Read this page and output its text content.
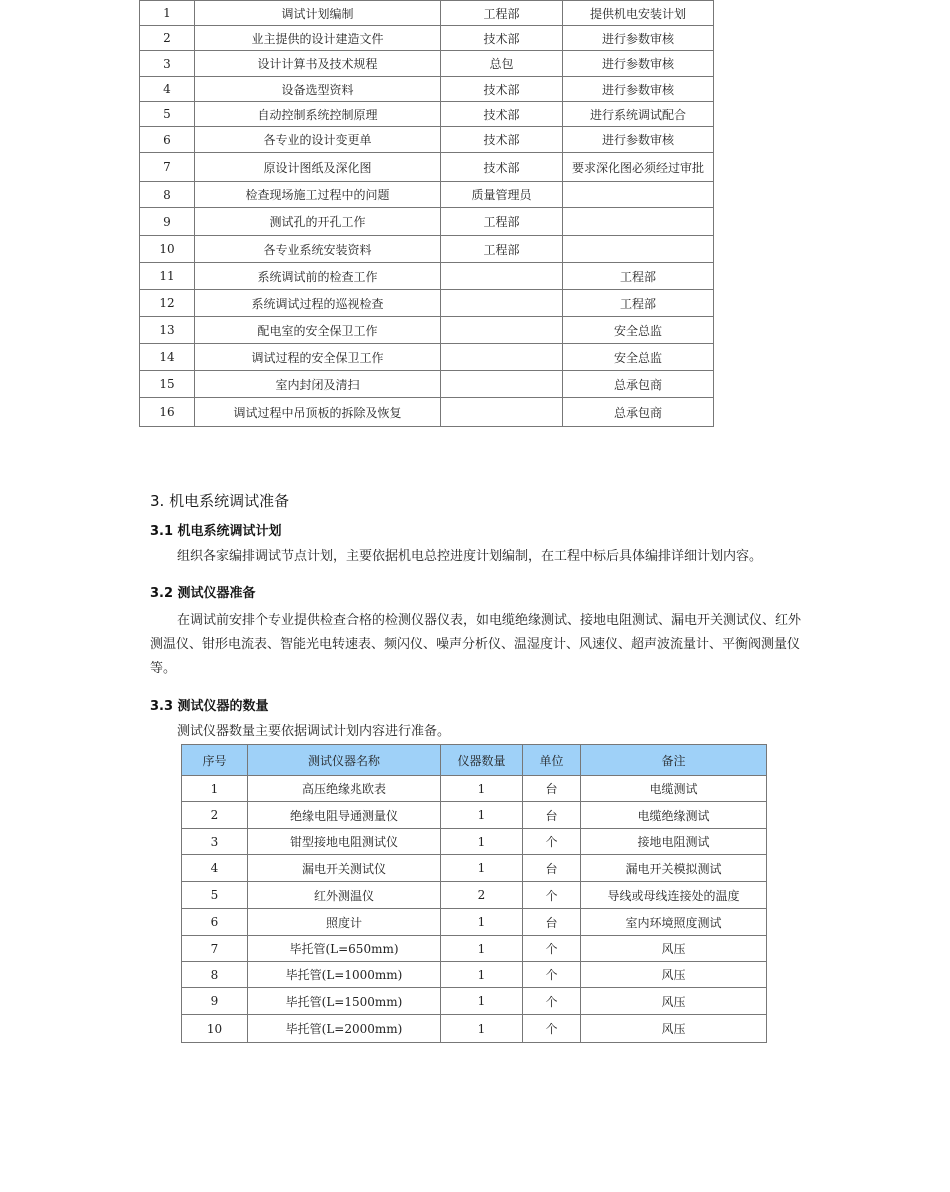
1	调试计划编制	工程部	提供机电安装计划
2	业主提供的设计建造文件	技术部	进行参数审核
3	设计计算书及技术规程	总包	进行参数审核
4	设备选型资料	技术部	进行参数审核
5	自动控制系统控制原理	技术部	进行系统调试配合
6	各专业的设计变更单	技术部	进行参数审核
7	原设计图纸及深化图	技术部	要求深化图必须经过审批
8	检查现场施工过程中的问题	质量管理员	
9	测试孔的开孔工作	工程部	
10	各专业系统安装资料	工程部	
11	系统调试前的检查工作		工程部
12	系统调试过程的巡视检查		工程部
13	配电室的安全保卫工作		安全总监
14	调试过程的安全保卫工作		安全总监
15	室内封闭及清扫		总承包商
16	调试过程中吊顶板的拆除及恢复		总承包商
3. 机电系统调试准备
3.1 机电系统调试计划
组织各家编排调试节点计划，主要依据机电总控进度计划编制，在工程中标后具体编排详细计划内容。
3.2 测试仪器准备
在调试前安排个专业提供检查合格的检测仪器仪表，如电缆绝缘测试、接地电阻测试、漏电开关测试仪、红外测温仪、钳形电流表、智能光电转速表、频闪仪、噪声分析仪、温湿度计、风速仪、超声波流量计、平衡阀测量仪等。
3.3 测试仪器的数量
测试仪器数量主要依据调试计划内容进行准备。
序号	测试仪器名称	仪器数量	单位	备注
1	高压绝缘兆欧表	1	台	电缆测试
2	绝缘电阻导通测量仪	1	台	电缆绝缘测试
3	钳型接地电阻测试仪	1	个	接地电阻测试
4	漏电开关测试仪	1	台	漏电开关模拟测试
5	红外测温仪	2	个	导线或母线连接处的温度
6	照度计	1	台	室内环境照度测试
7	毕托管(L=650mm)	1	个	风压
8	毕托管(L=1000mm)	1	个	风压
9	毕托管(L=1500mm)	1	个	风压
10	毕托管(L=2000mm)	1	个	风压
